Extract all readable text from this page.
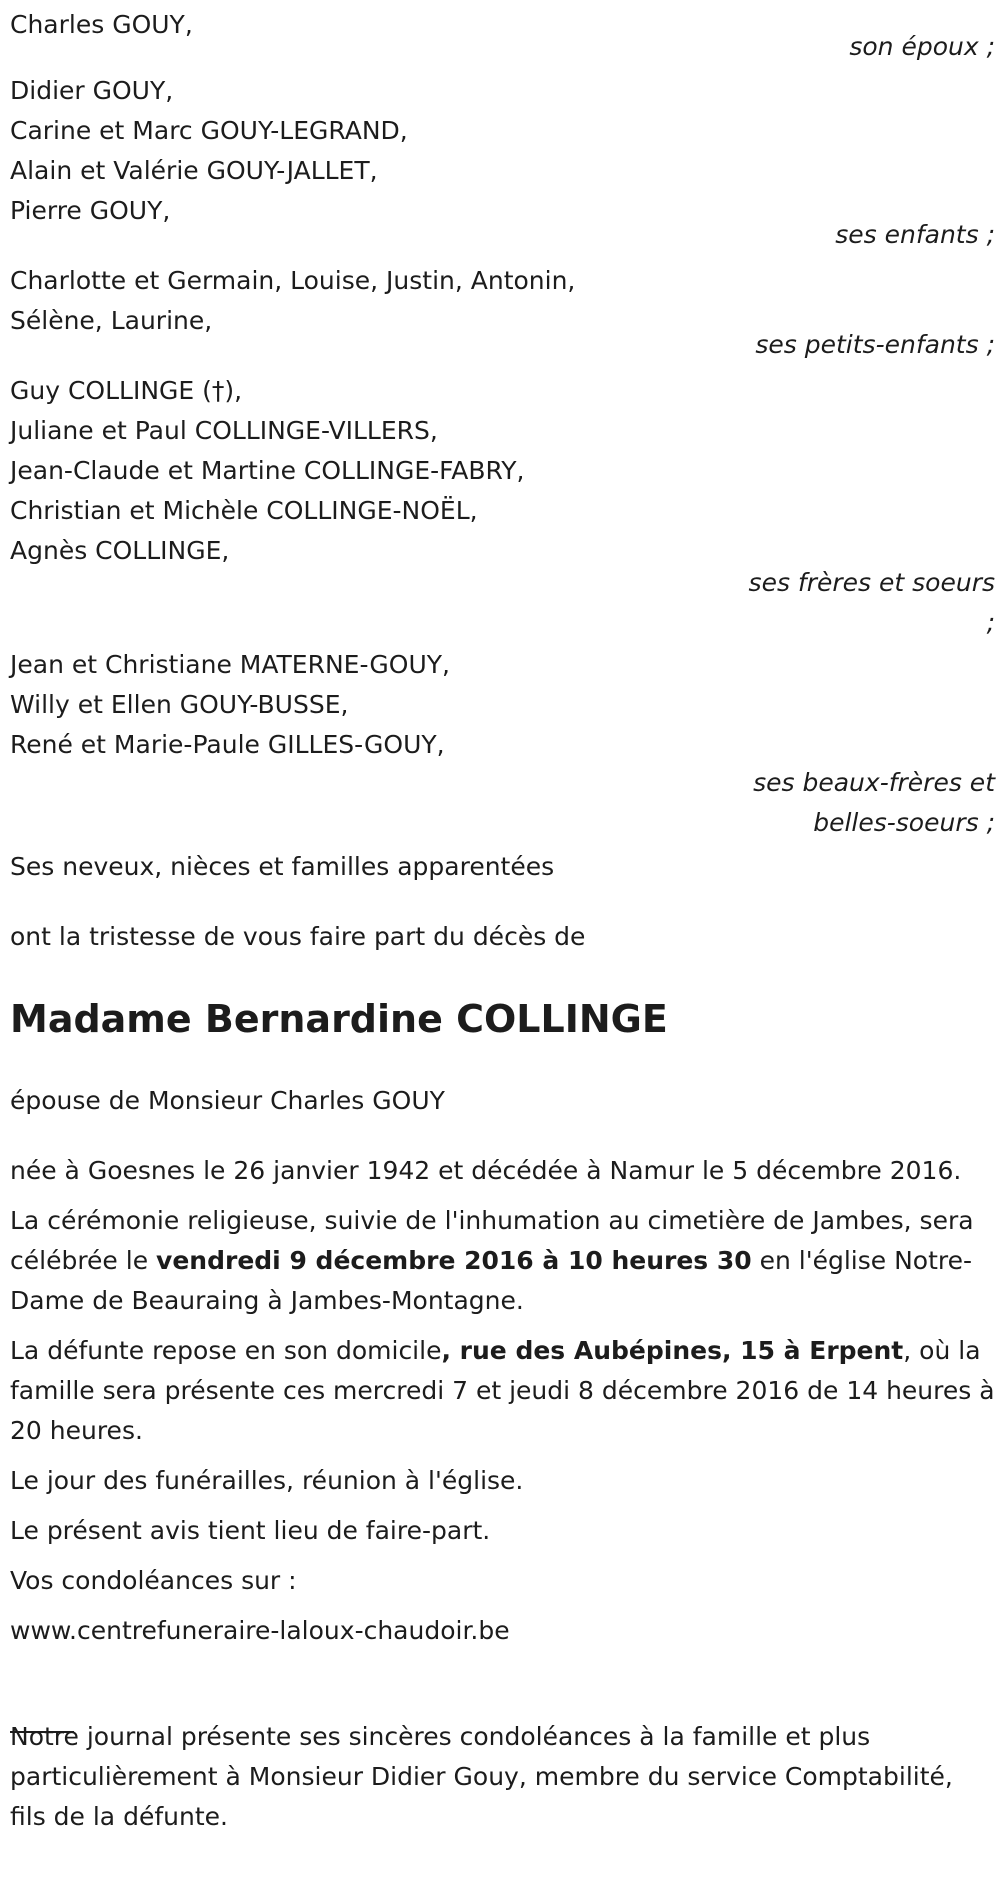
Charles GOUY,
son époux ;
Didier GOUY,
Carine et Marc GOUY-LEGRAND,
Alain et Valérie GOUY-JALLET,
Pierre GOUY,
ses enfants ;
Charlotte et Germain, Louise, Justin, Antonin,
Sélène, Laurine,
ses petits-enfants ;
Guy COLLINGE (†),
Juliane et Paul COLLINGE-VILLERS,
Jean-Claude et Martine COLLINGE-FABRY,
Christian et Michèle COLLINGE-NOËL,
Agnès COLLINGE,
ses frères et soeurs
;
Jean et Christiane MATERNE-GOUY,
Willy et Ellen GOUY-BUSSE,
René et Marie-Paule GILLES-GOUY,
ses beaux-frères et
belles-soeurs ;

Ses neveux, nièces et familles apparentées

ont la tristesse de vous faire part du décès de

Madame Bernardine COLLINGE

épouse de Monsieur Charles GOUY

née à Goesnes le 26 janvier 1942 et décédée à Namur le 5 décembre 2016.

La cérémonie religieuse, suivie de l'inhumation au cimetière de Jambes, sera célébrée le vendredi 9 décembre 2016 à 10 heures 30 en l'église Notre-Dame de Beauraing à Jambes-Montagne.

La défunte repose en son domicile, rue des Aubépines, 15 à Erpent, où la famille sera présente ces mercredi 7 et jeudi 8 décembre 2016 de 14 heures à 20 heures.

Le jour des funérailles, réunion à l'église.

Le présent avis tient lieu de faire-part.

Vos condoléances sur :

www.centrefuneraire-laloux-chaudoir.be

Notre journal présente ses sincères condoléances à la famille et plus particulièrement à Monsieur Didier Gouy, membre du service Comptabilité, fils de la défunte.
